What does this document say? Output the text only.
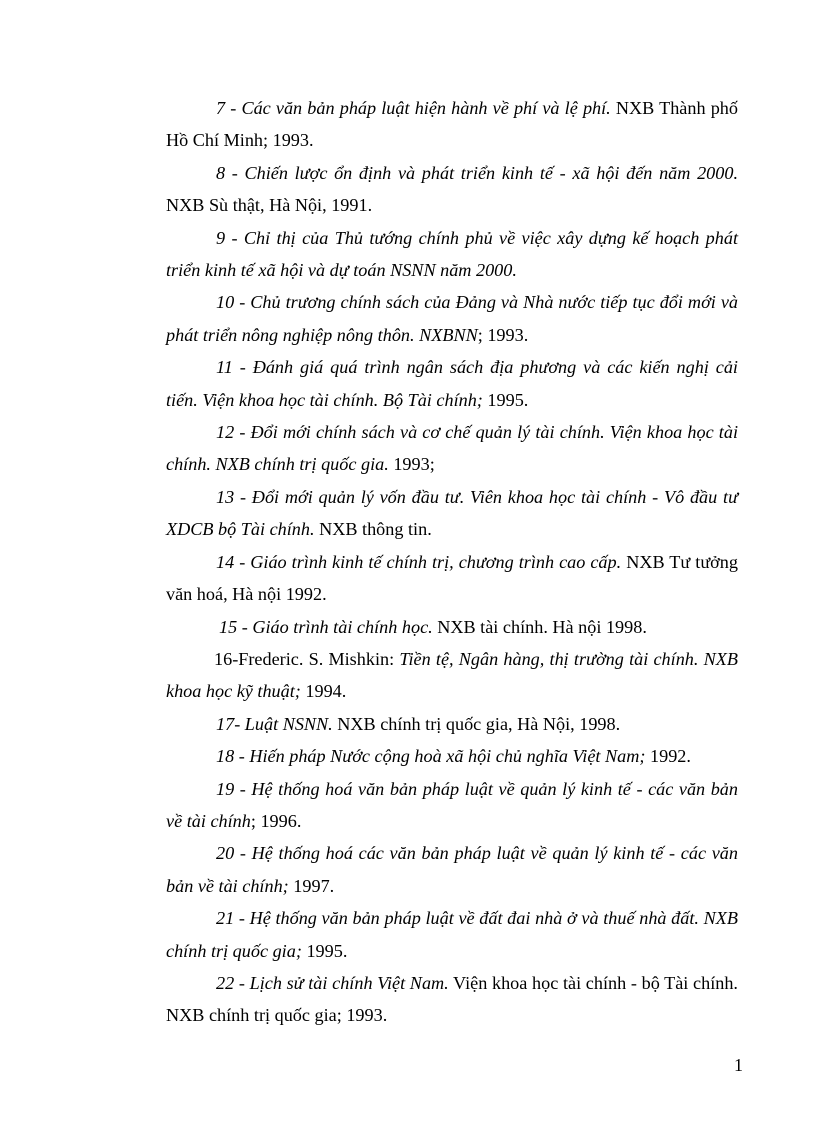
7 - Các văn bản pháp luật hiện hành về phí và lệ phí. NXB Thành phố Hồ Chí Minh; 1993.

8 - Chiến lược ổn định và phát triển kinh tế - xã hội đến năm 2000. NXB Sù thật, Hà Nội, 1991.

9 - Chỉ thị của Thủ tướng chính phủ về việc xây dựng kế hoạch phát triển kinh tế xã hội và dự toán NSNN năm 2000.

10 - Chủ trương chính sách của Đảng và Nhà nước tiếp tục đổi mới và phát triển nông nghiệp nông thôn. NXBNN; 1993.

11 - Đánh giá quá trình ngân sách địa phương và các kiến nghị cải tiến. Viện khoa học tài chính. Bộ Tài chính; 1995.

12 - Đổi mới chính sách và cơ chế quản lý tài chính. Viện khoa học tài chính. NXB chính trị quốc gia. 1993;

13 - Đổi mới quản lý vốn đầu tư. Viên khoa học tài chính - Vô đầu tư XDCB bộ Tài chính. NXB thông tin.

14 - Giáo trình kinh tế chính trị, chương trình cao cấp. NXB Tư tưởng văn hoá, Hà nội 1992.

15 - Giáo trình tài chính học. NXB tài chính. Hà nội 1998.

16-Frederic. S. Mishkin: Tiền tệ, Ngân hàng, thị trường tài chính. NXB khoa học kỹ thuật; 1994.

17- Luật NSNN. NXB chính trị quốc gia, Hà Nội, 1998.

18 - Hiến pháp Nước cộng hoà xã hội chủ nghĩa Việt Nam; 1992.

19 - Hệ thống hoá văn bản pháp luật về quản lý kinh tế - các văn bản về tài chính; 1996.

20 - Hệ thống hoá các văn bản pháp luật về quản lý kinh tế - các văn bản về tài chính; 1997.

21 - Hệ thống văn bản pháp luật về đất đai nhà ở và thuế nhà đất. NXB chính trị quốc gia; 1995.

22 - Lịch sử tài chính Việt Nam. Viện khoa học tài chính - bộ Tài chính. NXB chính trị quốc gia; 1993.

1
